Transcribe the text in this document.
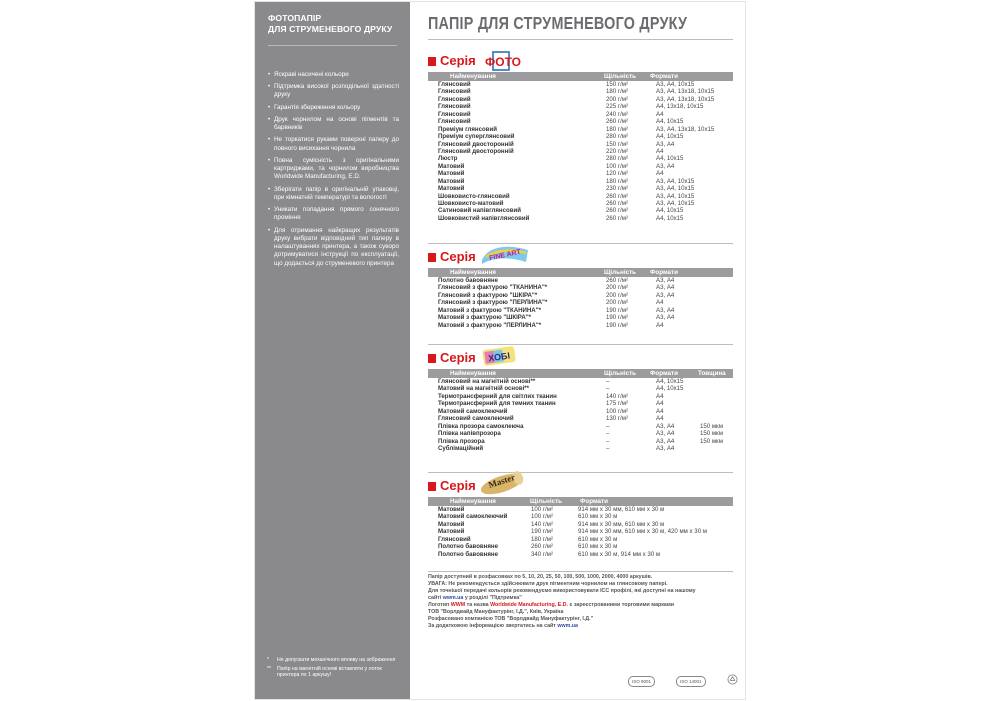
ФОТОПАПІР
ДЛЯ СТРУМЕНЕВОГО ДРУКУ
• Яскраві насичені кольори
• Підтримка високої розподільної здатності друку
• Гарантія збереження кольору
• Друк чорнилом на основі пігментів та барвників
• Не торкатися руками поверхні паперу до повного висихання чорнила
• Повна сумісність з оригінальними картриджами, та чорнилом виробництва Worldwide Manufacturing, E.D.
• Зберігати папір в оригінальній упаковці, при кімнатній температурі та вологості
• Уникати попадання прямого сонячного проміння
• Для отримання найкращих результатів друку вибрати відповідний тип паперу в налаштуваннях принтера, а також суворо дотримуватися інструкції по експлуатації, що додається до струменевого принтера
*	Не допускати механічного впливу на зображення
**	Папір на магнітній основі вставляти у лоток принтера по 1 аркушу!
ПАПІР ДЛЯ СТРУМЕНЕВОГО ДРУКУ
Серія ФОТО
Найменування	Щільність Формати
Глянсовий	150 г/м²	А3, А4, 10х15
Глянсовий	180 г/м²	А3, А4, 13х18, 10х15
Глянсовий	200 г/м²	А3, А4, 13х18, 10х15
Глянсовий	225 г/м²	А4, 13х18, 10х15
Глянсовий	240 г/м²	А4
Глянсовий	260 г/м²	А4, 10х15
Преміум глянсовий	180 г/м²	А3, А4, 13х18, 10х15
Преміум суперглянсовий	280 г/м²	А4, 10х15
Глянсовий двосторонній	150 г/м²	А3, А4
Глянсовий двосторонній	220 г/м²	А4
Люстр	280 г/м²	А4, 10х15
Матовий	100 г/м²	А3, А4
Матовий	120 г/м²	А4
Матовий	180 г/м²	А3, А4, 10х15
Матовий	230 г/м²	А3, А4, 10х15
Шовковисто-глянсовий	260 г/м²	А3, А4, 10х15
Шовковисто-матовий	260 г/м²	А3, А4, 10х15
Сатиновий напівглянсовий	260 г/м²	А4, 10х15
Шовковистий напівглянсовий	260 г/м²	А4, 10х15
Серія FINE ART
Найменування	Щільність Формати
Полотно бавовняне	260 г/м²	А3, А4
Глянсовий з фактурою "ТКАНИНА"*	200 г/м²	А3, А4
Глянсовий з фактурою "ШКІРА"*	200 г/м²	А3, А4
Глянсовий з фактурою "ПЕРЛИНА"*	200 г/м²	А4
Матовий з фактурою "ТКАНИНА"*	190 г/м²	А3, А4
Матовий з фактурою "ШКІРА"*	190 г/м²	А3, А4
Матовий з фактурою "ПЕРЛИНА"*	190 г/м²	А4
Серія ХОБІ
Найменування	Щільність Формати	Товщина
Глянсовий на магнітній основі**	–	А4, 10х15
Матовий на магнітній основі**	–	А4, 10х15
Термотрансферний для світлих тканин	140 г/м²	А4
Термотрансферний для темних тканин	175 г/м²	А4
Матовий самоклеючий	100 г/м²	А4
Глянсовий самоклеючий	130 г/м²	А4
Плівка прозора самоклеюча	–	А3, А4	150 мкм
Плівка напівпрозора	–	А3, А4	150 мкм
Плівка прозора	–	А3, А4	150 мкм
Сублімаційний	–	А3, А4
Серія Master
Найменування	Щільність	Формати
Матовий	100 г/м²	914 мм х 30 мм, 610 мм х 30 м
Матовий самоклеючий	100 г/м²	610 мм х 30 м
Матовий	140 г/м²	914 мм х 30 мм, 610 мм х 30 м
Матовий	190 г/м²	914 мм х 30 мм, 610 мм х 30 м, 420 мм х 30 м
Глянсовий	180 г/м²	610 мм х 30 м
Полотно бавовняне	260 г/м²	610 мм х 30 м
Полотно бавовняне	340 г/м²	610 мм х 30 м, 914 мм х 30 м
Папір доступний в розфасовках по 5, 10, 20, 25, 50, 100, 500, 1000, 2000, 4000 аркушів.
УВАГА: Не рекомендується здійснювати друк пігментним чорнилом на глянсовому папері.
Для точнішої передачі кольорів рекомендуємо використовувати ICC профілі, які доступні на нашому
сайті wwm.ua у розділі "Підтримка"
Логотип WWM та назва Worldwide Manufacturing, E.D. є зареєстрованими торговими марками
ТОВ "Ворлдвайд Мануфактурінг, І.Д.", Київ, Україна
Розфасовано компанією ТОВ "Ворлдвайд Мануфактурінг, І.Д."
За додатковою інформацією звертатись на сайт wwm.ua
ISO 9001	ISO 14001
